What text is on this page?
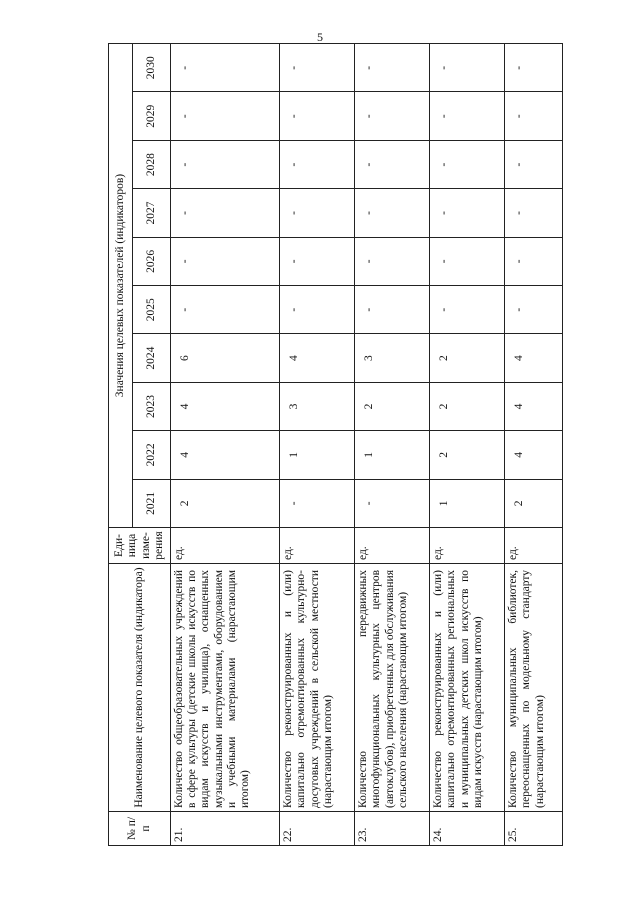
5
№ п/п	Наименование целевого показателя (индикатора)	Еди-ница изме-рения	Значения целевых показателей (индикаторов)									
			2021	2022	2023	2024	2025	2026	2027	2028	2029	2030
21.	Количество общеобразовательных учреждений в сфере культуры (детские школы искусств по видам искусств и училища), оснащенных музыкальными инструментами, оборудованием и учебными материалами (нарастающим итогом)	ед.	2	4	4	6	-	-	-	-	-	-
22.	Количество реконструированных и (или) капитально отремонтированных культурно-досуговых учреждений в сельской местности (нарастающим итогом)	ед.	-	1	3	4	-	-	-	-	-	-
23.	Количество передвижных многофункциональных культурных центров (автоклубов), приобретенных для обслуживания сельского населения (нарастающим итогом)	ед.	-	1	2	3	-	-	-	-	-	-
24.	Количество реконструированных и (или) капитально отремонтированных региональных и муниципальных детских школ искусств по видам искусств (нарастающим итогом)	ед.	1	2	2	2	-	-	-	-	-	-
25.	Количество муниципальных библиотек, переоснащенных по модельному стандарту (нарастающим итогом)	ед.	2	4	4	4	-	-	-	-	-	-
